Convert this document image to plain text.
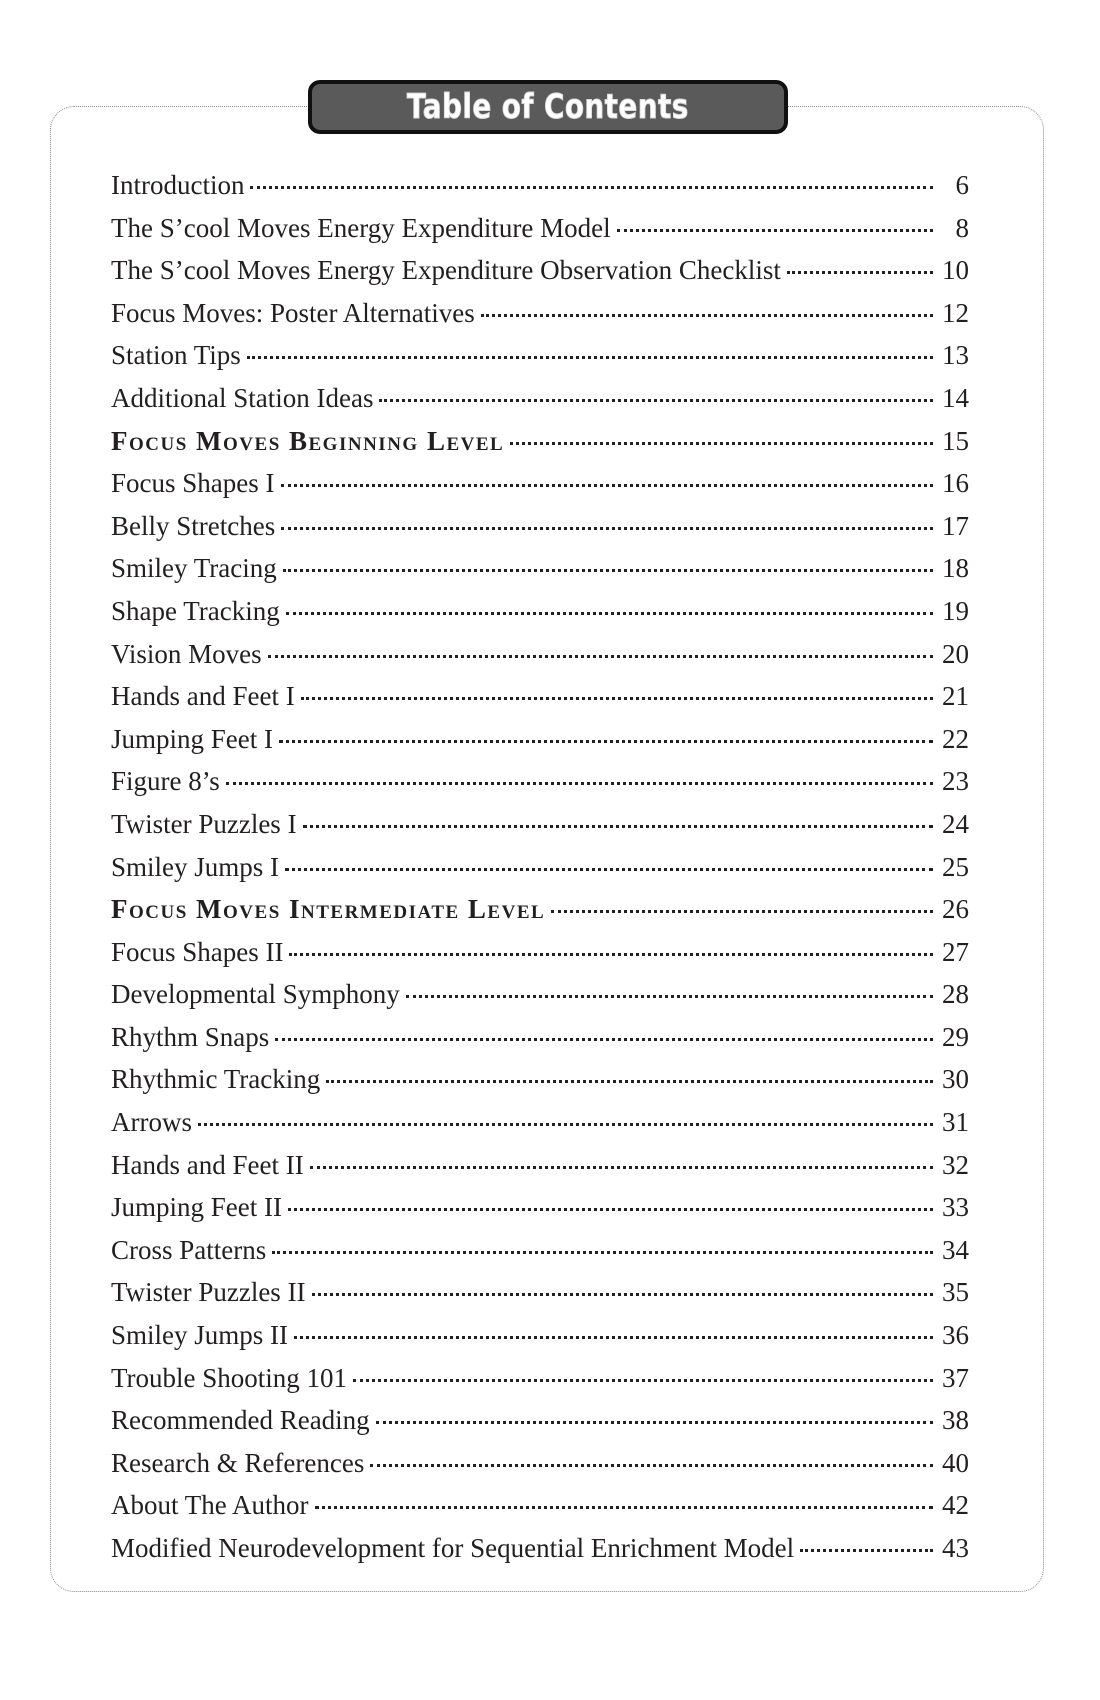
Table of Contents
Introduction	6
The S’cool Moves Energy Expenditure Model	8
The S’cool Moves Energy Expenditure Observation Checklist	10
Focus Moves: Poster Alternatives	12
Station Tips	13
Additional Station Ideas	14
Focus Moves Beginning Level	15
Focus Shapes I	16
Belly Stretches	17
Smiley Tracing	18
Shape Tracking	19
Vision Moves	20
Hands and Feet I	21
Jumping Feet I	22
Figure 8’s	23
Twister Puzzles I	24
Smiley Jumps I	25
Focus Moves Intermediate Level	26
Focus Shapes II	27
Developmental Symphony	28
Rhythm Snaps	29
Rhythmic Tracking	30
Arrows	31
Hands and Feet II	32
Jumping Feet II	33
Cross Patterns	34
Twister Puzzles II	35
Smiley Jumps II	36
Trouble Shooting 101	37
Recommended Reading	38
Research & References	40
About The Author	42
Modified Neurodevelopment for Sequential Enrichment Model	43
